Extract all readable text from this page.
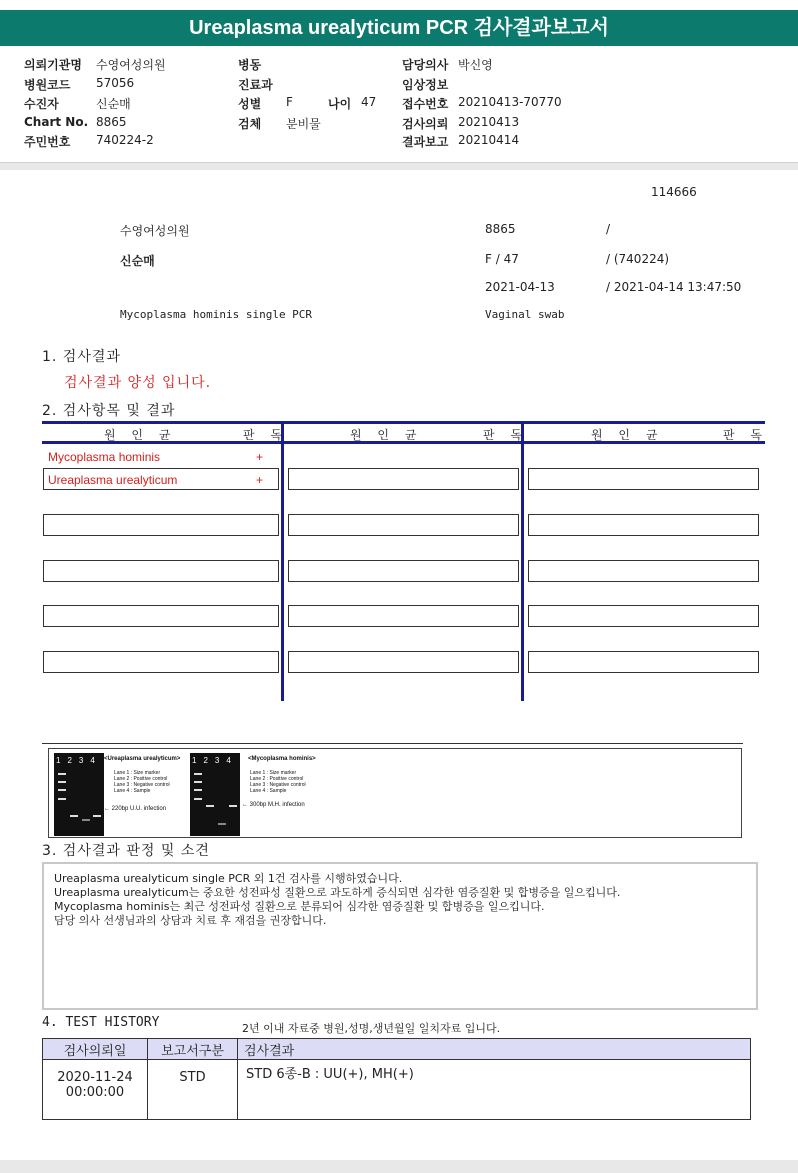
Ureaplasma urealyticum PCR 검사결과보고서
의뢰기관명 수영여성의원	병동	담당의사 박신영
병원코드 57056	진료과	임상정보
수진자	신순매	성별 F	나이 47 접수번호 20210413-70770
Chart No. 8865	검체 분비물	검사의뢰 20210413
주민번호 740224-2	결과보고 20210414
114666
수영여성의원	8865	/
신순매	F / 47	/ (740224)
2021-04-13	/ 2021-04-14 13:47:50
Mycoplasma hominis single PCR	Vaginal swab
1. 검사결과
검사결과 양성 입니다.
2. 검사항목 및 결과
원 인 균	판 독	원 인 균	판 독	원 인 균	판 독
Mycoplasma hominis	+
Ureaplasma urealyticum	+
1234 <Ureaplasma urealyticum>
Lane 1 : Size marker
Lane 2 : Positive control
Lane 3 : Negative control
Lane 4 : Sample
← 220bp U.U. infection
1234 <Mycoplasma hominis>
Lane 1 : Size marker
Lane 2 : Positive control
Lane 3 : Negative control
Lane 4 : Sample
← 300bp M.H. infection
3. 검사결과 판정 및 소견
Ureaplasma urealyticum single PCR 외 1건 검사를 시행하였습니다.
Ureaplasma urealyticum는 중요한 성전파성 질환으로 과도하게 증식되면 심각한 염증질환 및 합병증을 일으킵니다.
Mycoplasma hominis는 최근 성전파성 질환으로 분류되어 심각한 염증질환 및 합병증을 일으킵니다.
담당 의사 선생님과의 상담과 치료 후 재검을 권장합니다.
4. TEST HISTORY	2년 이내 자료중 병원,성명,생년월일 일치자료 입니다.
검사의뢰일	보고서구분	검사결과

2020-11-24
00:00:00	STD	STD 6종-B : UU(+), MH(+)
